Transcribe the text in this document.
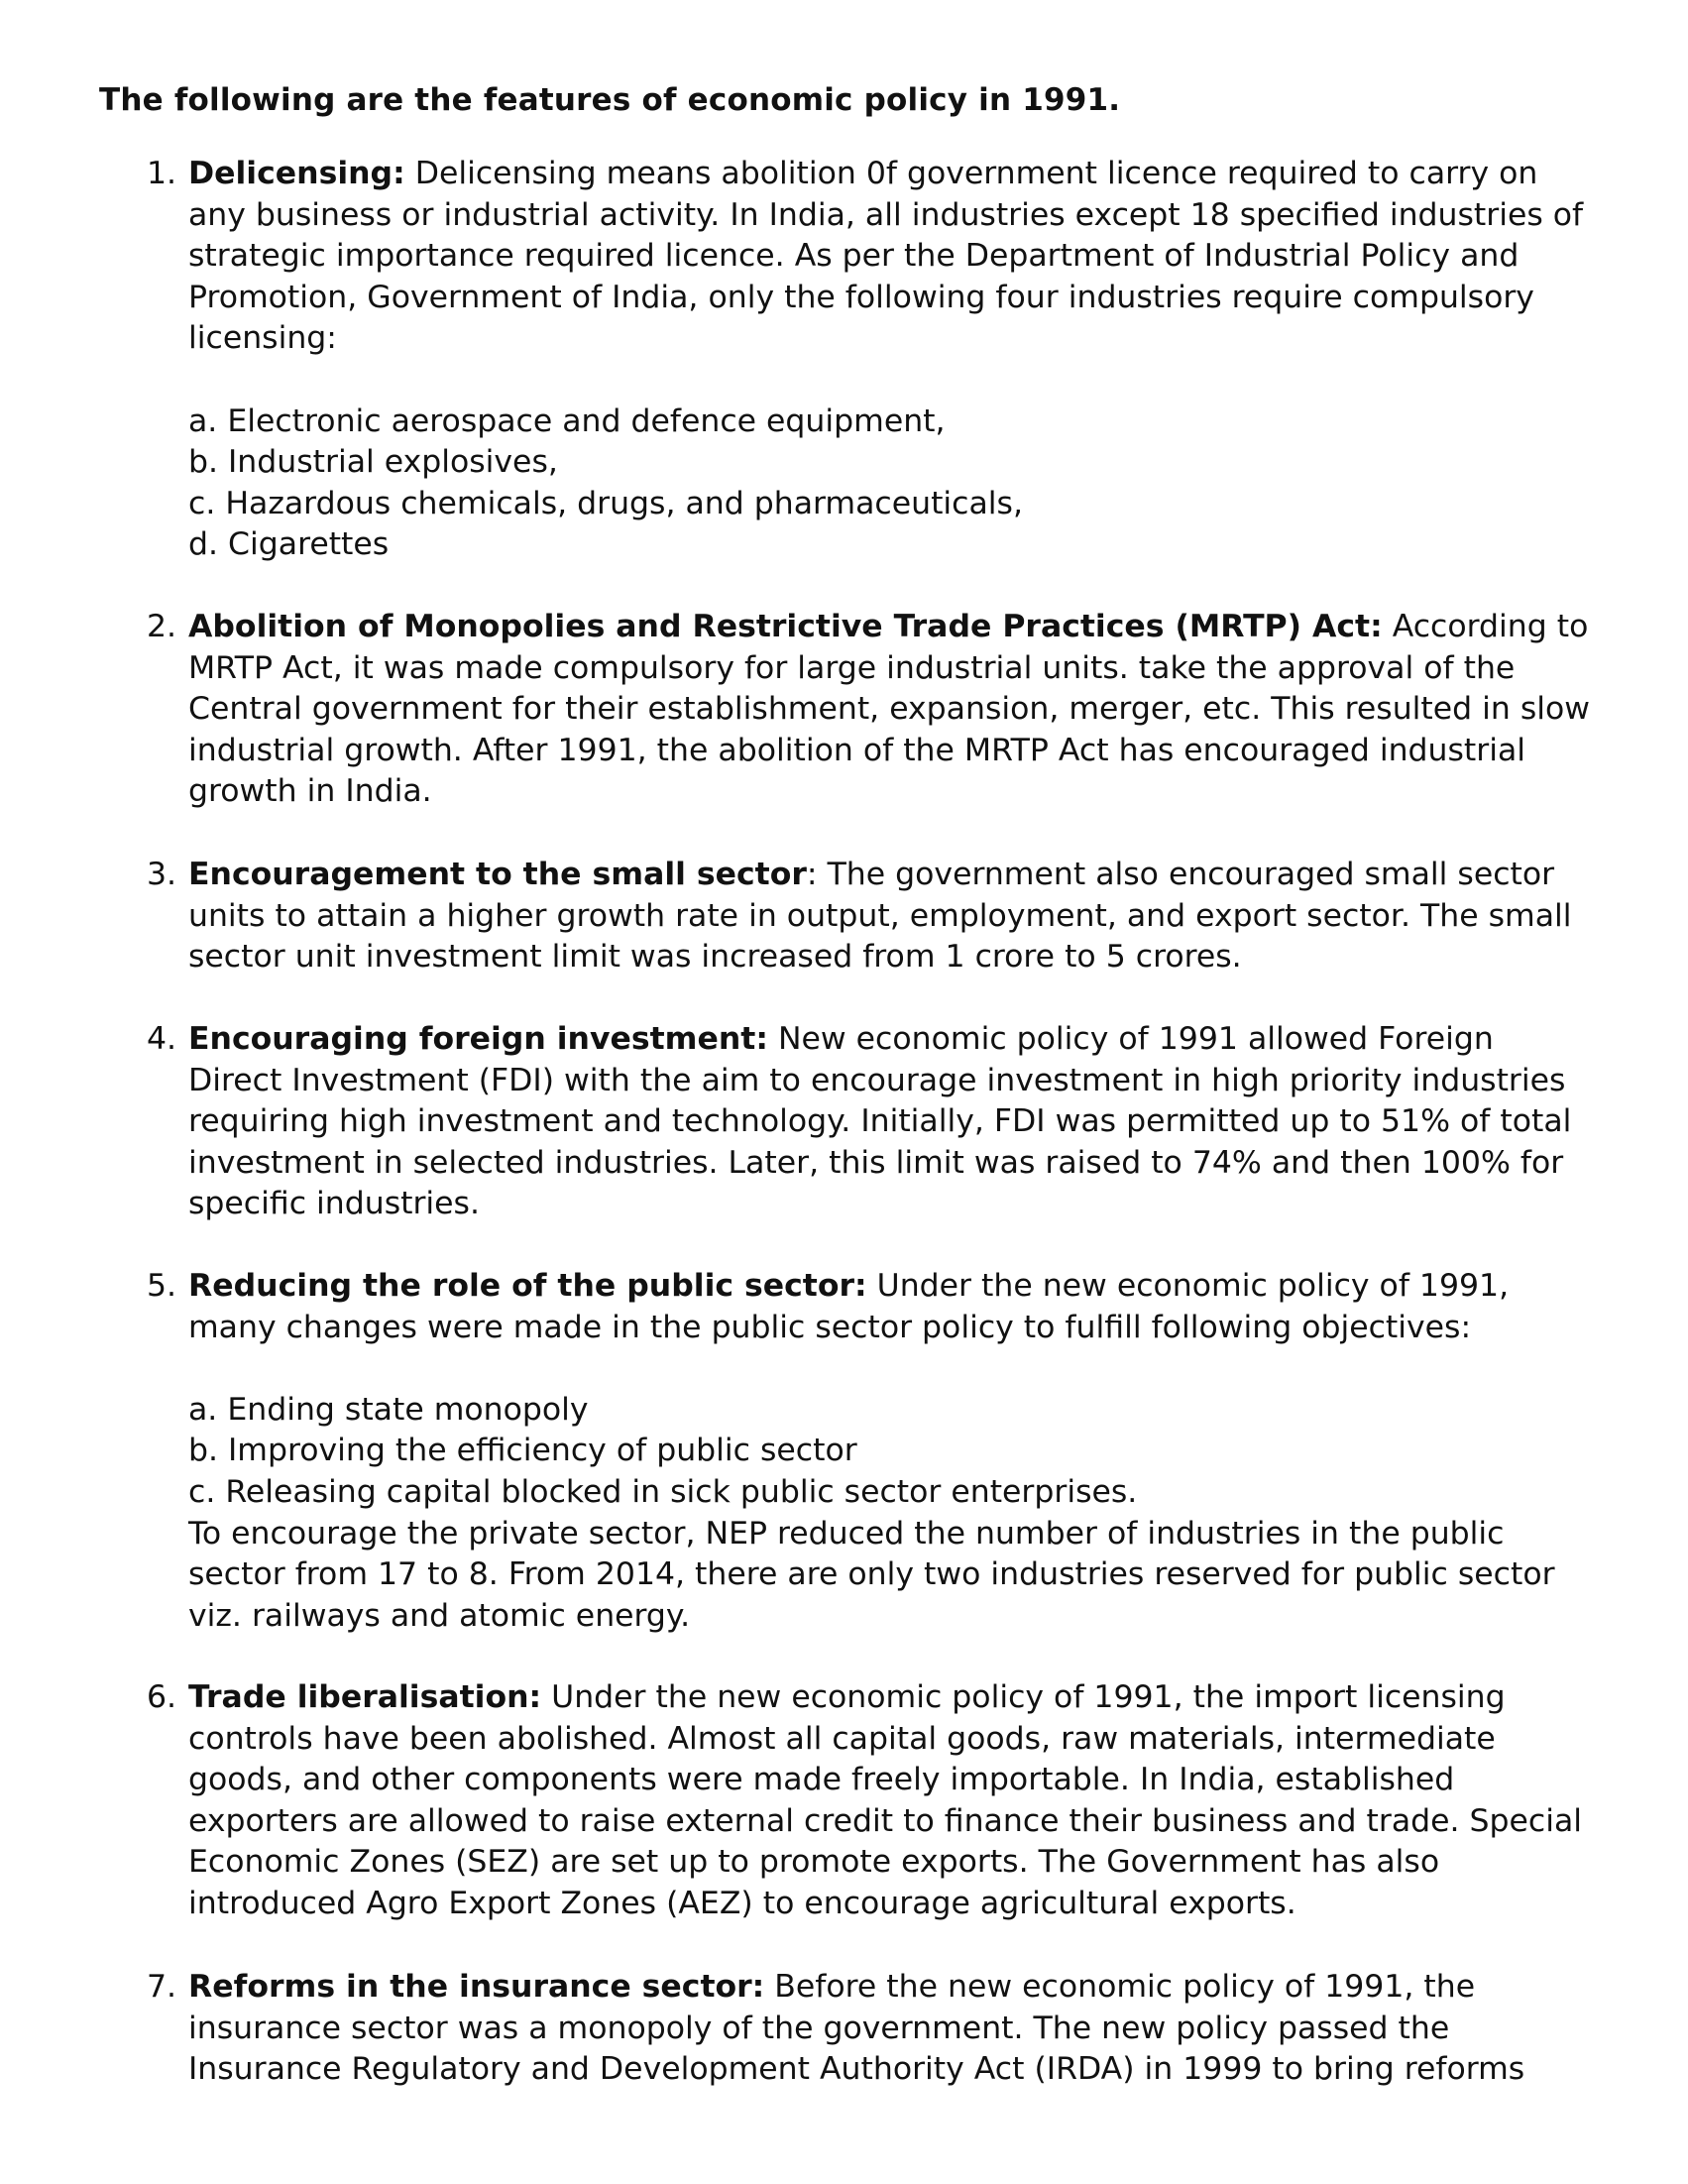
The following are the features of economic policy in 1991.
1. Delicensing: Delicensing means abolition 0f government licence required to carry on any business or industrial activity. In India, all industries except 18 specified industries of strategic importance required licence. As per the Department of Industrial Policy and Promotion, Government of India, only the following four industries require compulsory licensing:

a. Electronic aerospace and defence equipment,
b. Industrial explosives,
c. Hazardous chemicals, drugs, and pharmaceuticals,
d. Cigarettes
2. Abolition of Monopolies and Restrictive Trade Practices (MRTP) Act: According to MRTP Act, it was made compulsory for large industrial units. take the approval of the Central government for their establishment, expansion, merger, etc. This resulted in slow industrial growth. After 1991, the abolition of the MRTP Act has encouraged industrial growth in India.

3. Encouragement to the small sector: The government also encouraged small sector units to attain a higher growth rate in output, employment, and export sector. The small sector unit investment limit was increased from 1 crore to 5 crores.

4. Encouraging foreign investment: New economic policy of 1991 allowed Foreign Direct Investment (FDI) with the aim to encourage investment in high priority industries requiring high investment and technology. Initially, FDI was permitted up to 51% of total investment in selected industries. Later, this limit was raised to 74% and then 100% for specific industries.

5. Reducing the role of the public sector: Under the new economic policy of 1991, many changes were made in the public sector policy to fulfill following objectives:

a. Ending state monopoly
b. Improving the efficiency of public sector
c. Releasing capital blocked in sick public sector enterprises.

To encourage the private sector, NEP reduced the number of industries in the public sector from 17 to 8. From 2014, there are only two industries reserved for public sector viz. railways and atomic energy.

6. Trade liberalisation: Under the new economic policy of 1991, the import licensing controls have been abolished. Almost all capital goods, raw materials, intermediate goods, and other components were made freely importable. In India, established exporters are allowed to raise external credit to finance their business and trade. Special Economic Zones (SEZ) are set up to promote exports. The Government has also introduced Agro Export Zones (AEZ) to encourage agricultural exports.

7. Reforms in the insurance sector: Before the new economic policy of 1991, the insurance sector was a monopoly of the government. The new policy passed the Insurance Regulatory and Development Authority Act (IRDA) in 1999 to bring reforms
